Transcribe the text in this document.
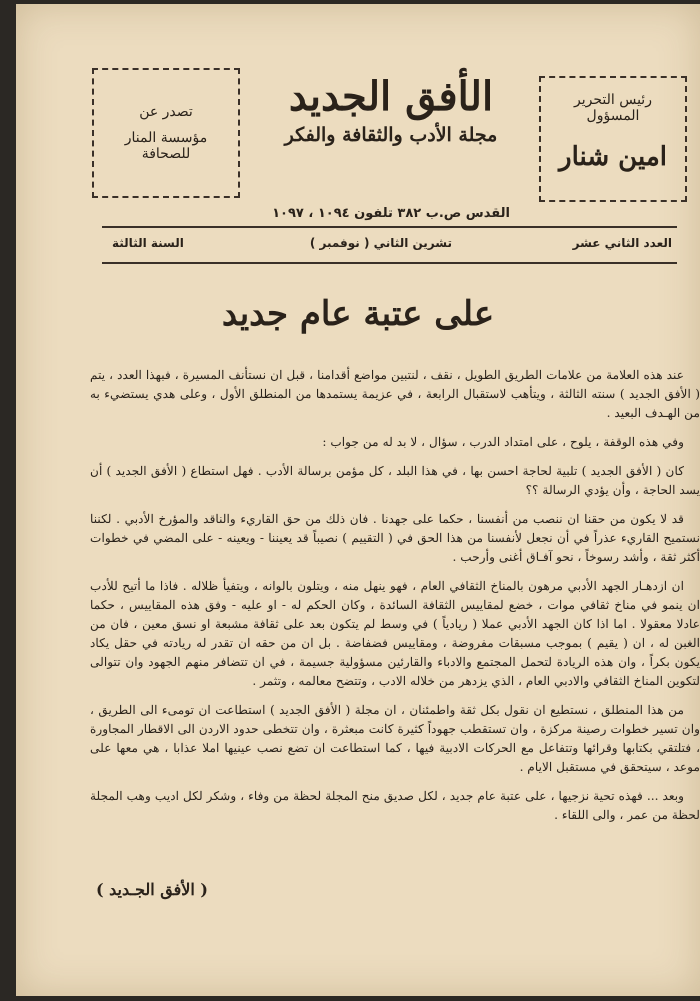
رئيس التحرير المسؤول
امين شنار
الأفق الجديد
مجلة الأدب والثقافة والفكر
تصدر عن
مؤسسة المنار للصحافة
القدس ص.ب ٣٨٢ تلفون ١٠٩٤ ، ١٠٩٧
العدد الثاني عشر
تشرين الثاني ( نوفمبر )
السنة الثالثة
على عتبة عام جديد

عند هذه العلامة من علامات الطريق الطويل ، نقف ، لنتبين مواضع أقدامنا ، قبل ان نستأنف المسيرة ، فبهذا العدد ، يتم ( الأفق الجديد ) سنته الثالثة ، ويتأهب لاستقبال الرابعة ، في عزيمة يستمدها من المنطلق الأول ، وعلى هدي يستضيء به من الهـدف البعيد .

وفي هذه الوقفة ، يلوح ، على امتداد الدرب ، سؤال ، لا بد له من جواب :

كان ( الأفق الجديد ) تلبية لحاجة احسن بها ، في هذا البلد ، كل مؤمن برسالة الأدب . فهل استطاع ( الأفق الجديد ) أن يسد الحاجة ، وأن يؤدي الرسالة ؟؟

قد لا يكون من حقنا ان ننصب من أنفسنا ، حكما على جهدنا . فان ذلك من حق القاريء والناقد والمؤرخ الأدبي . لكننا نستميح القاريء عذراً في أن نجعل لأنفسنا من هذا الحق في ( التقييم ) نصيباً قد يعيننا - ويعينه - على المضي في خطوات أكثر ثقة ، وأشد رسوخاً ، نحو آفـاق أغنى وأرحب .

ان ازدهـار الجهد الأدبي مرهون بالمناخ الثقافي العام ، فهو ينهل منه ، ويتلون بالوانه ، ويتفيأ ظلاله . فاذا ما أتيح للأدب ان ينمو في مناخ ثقافي موات ، خضع لمقاييس الثقافة السائدة ، وكان الحكم له - او عليه - وفق هذه المقاييس ، حكما عادلا معقولا . اما اذا كان الجهد الأدبي عملا ( ريادياً ) في وسط لم يتكون بعد على ثقافة مشبعة او نسق معين ، فان من الغبن له ، ان ( يقيم ) بموجب مسبقات مفروضة ، ومقاييس فضفاضة . بل ان من حقه ان تقدر له ريادته في حقل يكاد يكون بكراً ، وان هذه الريادة لتحمل المجتمع والادباء والقارئين مسؤولية جسيمة ، في ان تتضافر منهم الجهود وان تتوالى لتكوين المناخ الثقافي والادبي العام ، الذي يزدهر من خلاله الادب ، وتتضح معالمه ، وتثمر .

من هذا المنطلق ، نستطيع ان نقول بكل ثقة واطمئنان ، ان مجلة ( الأفق الجديد ) استطاعت ان تومىء الى الطريق ، وان تسير خطوات رصينة مركزة ، وان تستقطب جهوداً كثيرة كانت مبعثرة ، وان تتخطى حدود الاردن الى الاقطار المجاورة ، فتلتقي بكتابها وقرائها وتتفاعل مع الحركات الادبية فيها ، كما استطاعت ان تضع نصب عينيها املا عذابا ، هي معها على موعد ، سيتحقق في مستقبل الايام .

وبعد ... فهذه تحية نزجيها ، على عتبة عام جديد ، لكل صديق منح المجلة لحظة من وفاء ، وشكر لكل اديب وهب المجلة لحظة من عمر ، والى اللقاء .

( الأفق الجـديد )
